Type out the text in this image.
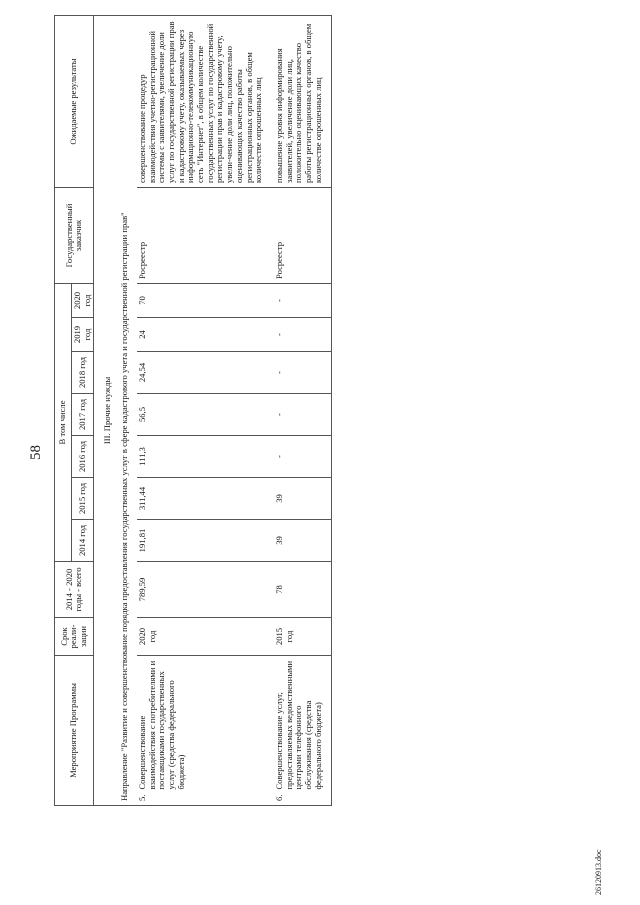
58
Мероприятие Программы	Срок реали-зации	2014 - 2020 годы - всего	В том числе							Государственный заказчик	Ожидаемые результаты
			2014 год	2015 год	2016 год	2017 год	2018 год	2019 год	2020 год		
III. Прочие нужды											
Направление "Развитие и совершенствование порядка предоставления государственных услуг в сфере кадастрового учета и государственной регистрации прав"											

5.
Совершенствование взаимодействия с потребителями и поставщиками государственных услуг (средства федерального бюджета)	2020 год	789,59	191,81	311,44	111,3	56,5	24,54	24	70	Росреестр	совершенствование процедур взаимодействия учетно-регистрационной системы с заявителями, увеличение доли услуг по государственной регистрации прав и кадастровому учету, оказываемых через информационно-телекоммуникационную сеть "Интернет", в общем количестве государственных услуг по государственной регистрации прав и кадастровому учету, увели-чение доли лиц, положительно оценивающих качество работы регистрационных органов, в общем количестве опрошенных лиц

6.
Совершенствование услуг, предоставляемых ведомственными центрами телефонного обслуживания (средства федерального бюджета)	2015 год	78	39	39	-	-	-	-	-	Росреестр	повышение уровня информирования заявителей, увеличение доли лиц, положительно оценивающих качество работы регистрационных органов, в общем количестве опрошенных лиц
26120913.doc
